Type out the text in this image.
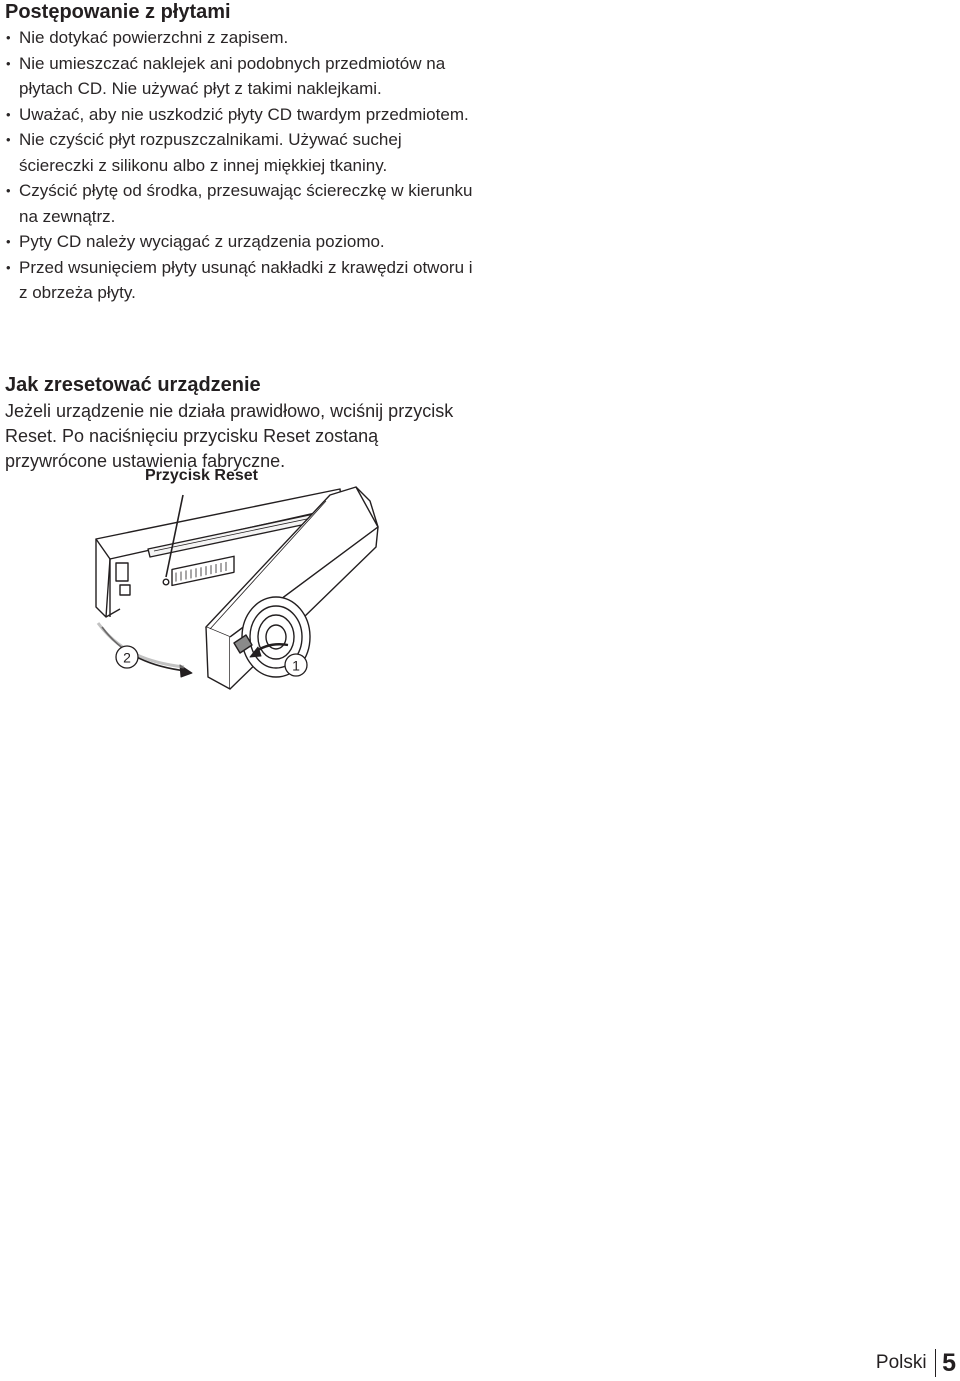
Postępowanie z płytami
• Nie dotykać powierzchni z zapisem.
• Nie umieszczać naklejek ani podobnych przedmiotów na płytach CD. Nie używać płyt z takimi naklejkami.
• Uważać, aby nie uszkodzić płyty CD twardym przedmiotem.
• Nie czyścić płyt rozpuszczalnikami. Używać suchej ściereczki z silikonu albo z innej miękkiej tkaniny.
• Czyścić płytę od środka, przesuwając ściereczkę w kierunku na zewnątrz.
• Pyty CD należy wyciągać z urządzenia poziomo.
• Przed wsunięciem płyty usunąć nakładki z krawędzi otworu i z obrzeża płyty.
Jak zresetować urządzenie

Jeżeli urządzenie nie działa prawidłowo, wciśnij przycisk Reset. Po naciśnięciu przycisku Reset zostaną przywrócone ustawienia fabryczne.

Przycisk Reset
2	1
Polski 5
